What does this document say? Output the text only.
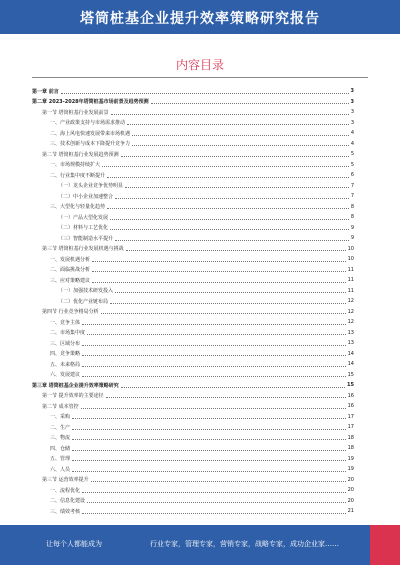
塔筒桩基企业提升效率策略研究报告
内容目录
第一章 前言	3
第二章 2023-2028年塔筒桩基市场前景及趋势预测	3
第一节 塔筒桩基行业发展前景	3
一、产业政策支持与市场需求推动	3
二、海上风电快速发展带来市场机遇	4
三、技术创新与成本下降提升竞争力	4
第二节 塔筒桩基行业发展趋势预测	5
一、市场规模持续扩大	5
二、行业集中度不断提升	6
（一）龙头企业竞争优势明显	7
（二）中小企业加速整合	7
三、大型化与轻量化趋势	8
（一）产品大型化发展	8
（二）材料与工艺优化	9
（三）智能制造水平提升	9
第三节 塔筒桩基行业发展机遇与挑战	10
一、发展机遇分析	10
二、面临挑战分析	11
三、应对策略建议	11
（一）加强技术研发投入	11
（二）优化产业链布局	12
第四节 行业竞争格局分析	12
一、竞争主体	12
二、市场集中度	13
三、区域分布	13
四、竞争策略	14
五、未来格局	14
六、发展建议	15
第三章 塔筒桩基企业提升效率策略研究	15
第一节 提升效率的主要途径	16
第二节 成本管控	16
一、采购	17
二、生产	17
三、物流	18
四、仓储	18
五、管理	19
六、人员	19
第三节 运营效率提升	20
一、流程优化	20
二、信息化建设	20
三、绩效考核	21
让每个人都能成为	行业专家，管理专家，营销专家，战略专家，成功企业家……
